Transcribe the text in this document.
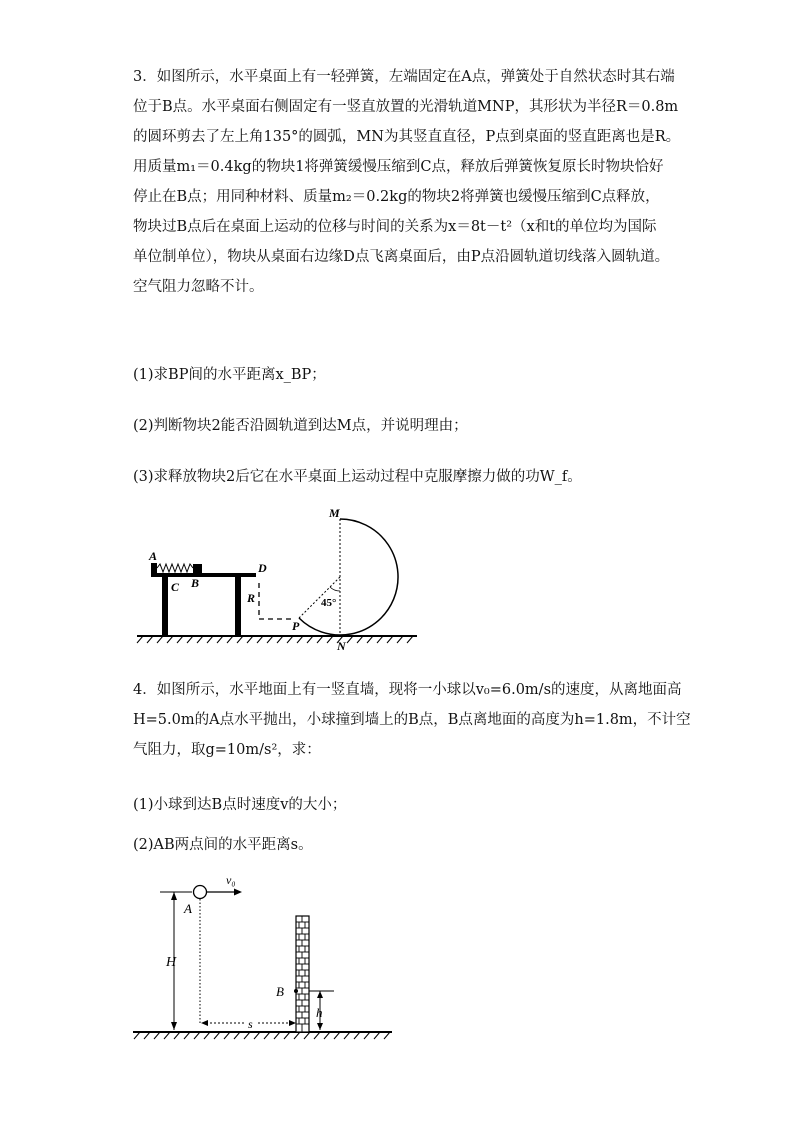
3．如图所示，水平桌面上有一轻弹簧，左端固定在A点，弹簧处于自然状态时其右端
位于B点。水平桌面右侧固定有一竖直放置的光滑轨道MNP，其形状为半径R＝0.8m
的圆环剪去了左上角135°的圆弧，MN为其竖直直径，P点到桌面的竖直距离也是R。
用质量m₁＝0.4kg的物块1将弹簧缓慢压缩到C点，释放后弹簧恢复原长时物块恰好
停止在B点；用同种材料、质量m₂＝0.2kg的物块2将弹簧也缓慢压缩到C点释放，
物块过B点后在桌面上运动的位移与时间的关系为x＝8t－t²（x和t的单位均为国际
单位制单位），物块从桌面右边缘D点飞离桌面后，由P点沿圆轨道切线落入圆轨道。
空气阻力忽略不计。

(1)求BP间的水平距离x_BP；

(2)判断物块2能否沿圆轨道到达M点，并说明理由；

(3)求释放物块2后它在水平桌面上运动过程中克服摩擦力做的功W_f。

A
C B
D
R	45°
M
P
N
4．如图所示，水平地面上有一竖直墙，现将一小球以v₀=6.0m/s的速度，从离地面高
H=5.0m的A点水平抛出，小球撞到墙上的B点，B点离地面的高度为h=1.8m，不计空
气阻力，取g=10m/s²，求：

(1)小球到达B点时速度v的大小；

(2)AB两点间的水平距离s。

H
A
v₀
s
B
h
